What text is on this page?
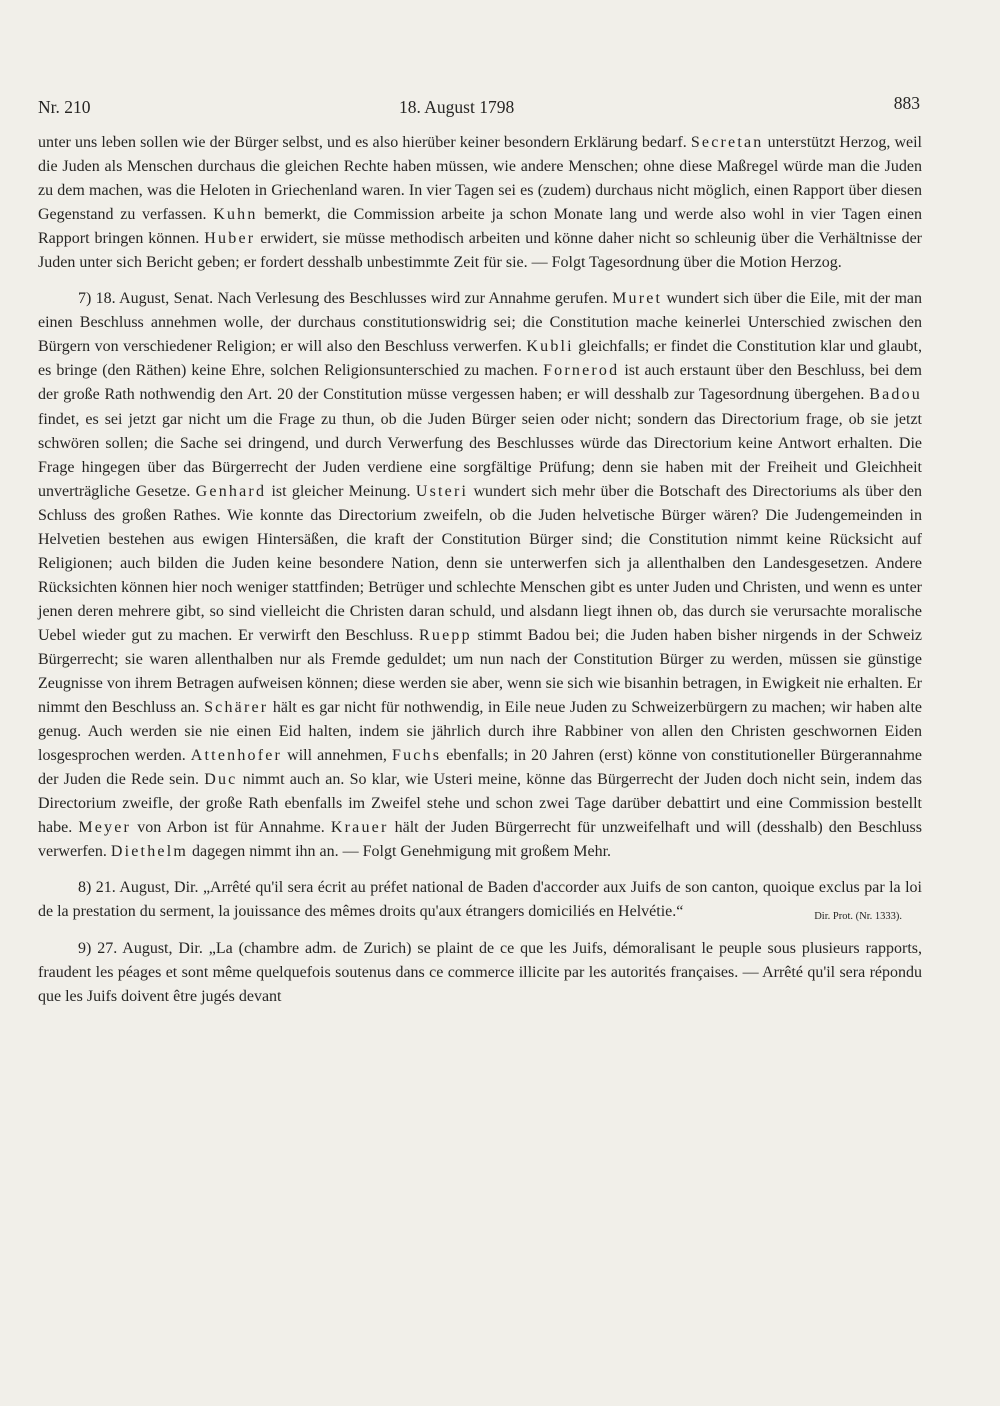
Nr. 210	18. August 1798	883

unter uns leben sollen wie der Bürger selbst, und es also hierüber keiner besondern Erklärung bedarf. Secretan unterstützt Herzog, weil die Juden als Menschen durchaus die gleichen Rechte haben müssen, wie andere Menschen; ohne diese Maßregel würde man die Juden zu dem machen, was die Heloten in Griechenland waren. In vier Tagen sei es (zudem) durchaus nicht möglich, einen Rapport über diesen Gegenstand zu verfassen. Kuhn bemerkt, die Commission arbeite ja schon Monate lang und werde also wohl in vier Tagen einen Rapport bringen können. Huber erwidert, sie müsse methodisch arbeiten und könne daher nicht so schleunig über die Verhältnisse der Juden unter sich Bericht geben; er fordert desshalb unbestimmte Zeit für sie. — Folgt Tagesordnung über die Motion Herzog.

7) 18. August, Senat. Nach Verlesung des Beschlusses wird zur Annahme gerufen. Muret wundert sich über die Eile, mit der man einen Beschluss annehmen wolle, der durchaus constitutionswidrig sei; die Constitution mache keinerlei Unterschied zwischen den Bürgern von verschiedener Religion; er will also den Beschluss verwerfen. Kubli gleichfalls; er findet die Constitution klar und glaubt, es bringe (den Räthen) keine Ehre, solchen Religionsunterschied zu machen. Fornerod ist auch erstaunt über den Beschluss, bei dem der große Rath nothwendig den Art. 20 der Constitution müsse vergessen haben; er will desshalb zur Tagesordnung übergehen. Badou findet, es sei jetzt gar nicht um die Frage zu thun, ob die Juden Bürger seien oder nicht; sondern das Directorium frage, ob sie jetzt schwören sollen; die Sache sei dringend, und durch Verwerfung des Beschlusses würde das Directorium keine Antwort erhalten. Die Frage hingegen über das Bürgerrecht der Juden verdiene eine sorgfältige Prüfung; denn sie haben mit der Freiheit und Gleichheit unverträgliche Gesetze. Genhard ist gleicher Meinung. Usteri wundert sich mehr über die Botschaft des Directoriums als über den Schluss des großen Rathes. Wie konnte das Directorium zweifeln, ob die Juden helvetische Bürger wären? Die Judengemeinden in Helvetien bestehen aus ewigen Hintersäßen, die kraft der Constitution Bürger sind; die Constitution nimmt keine Rücksicht auf Religionen; auch bilden die Juden keine besondere Nation, denn sie unterwerfen sich ja allenthalben den Landesgesetzen. Andere Rücksichten können hier noch weniger stattfinden; Betrüger und schlechte Menschen gibt es unter Juden und Christen, und wenn es unter jenen deren mehrere gibt, so sind vielleicht die Christen daran schuld, und alsdann liegt ihnen ob, das durch sie verursachte moralische Uebel wieder gut zu machen. Er verwirft den Beschluss. Ruepp stimmt Badou bei; die Juden haben bisher nirgends in der Schweiz Bürgerrecht; sie waren allenthalben nur als Fremde geduldet; um nun nach der Constitution Bürger zu werden, müssen sie günstige Zeugnisse von ihrem Betragen aufweisen können; diese werden sie aber, wenn sie sich wie bisanhin betragen, in Ewigkeit nie erhalten. Er nimmt den Beschluss an. Schärer hält es gar nicht für nothwendig, in Eile neue Juden zu Schweizerbürgern zu machen; wir haben alte genug. Auch werden sie nie einen Eid halten, indem sie jährlich durch ihre Rabbiner von allen den Christen geschwornen Eiden losgesprochen werden. Attenhofer will annehmen, Fuchs ebenfalls; in 20 Jahren (erst) könne von constitutioneller Bürgerannahme der Juden die Rede sein. Duc nimmt auch an. So klar, wie Usteri meine, könne das Bürgerrecht der Juden doch nicht sein, indem das Directorium zweifle, der große Rath ebenfalls im Zweifel stehe und schon zwei Tage darüber debattirt und eine Commission bestellt habe. Meyer von Arbon ist für Annahme. Krauer hält der Juden Bürgerrecht für unzweifelhaft und will (desshalb) den Beschluss verwerfen. Diethelm dagegen nimmt ihn an. — Folgt Genehmigung mit großem Mehr.

8) 21. August, Dir. „Arrêté qu'il sera écrit au préfet national de Baden d'accorder aux Juifs de son canton, quoique exclus par la loi de la prestation du serment, la jouissance des mêmes droits qu'aux étrangers domiciliés en Helvétie.“	Dir. Prot. (Nr. 1333).

9) 27. August, Dir. „La (chambre adm. de Zurich) se plaint de ce que les Juifs, démoralisant le peuple sous plusieurs rapports, fraudent les péages et sont même quelquefois soutenus dans ce commerce illicite par les autorités françaises. — Arrêté qu'il sera répondu que les Juifs doivent être jugés devant
